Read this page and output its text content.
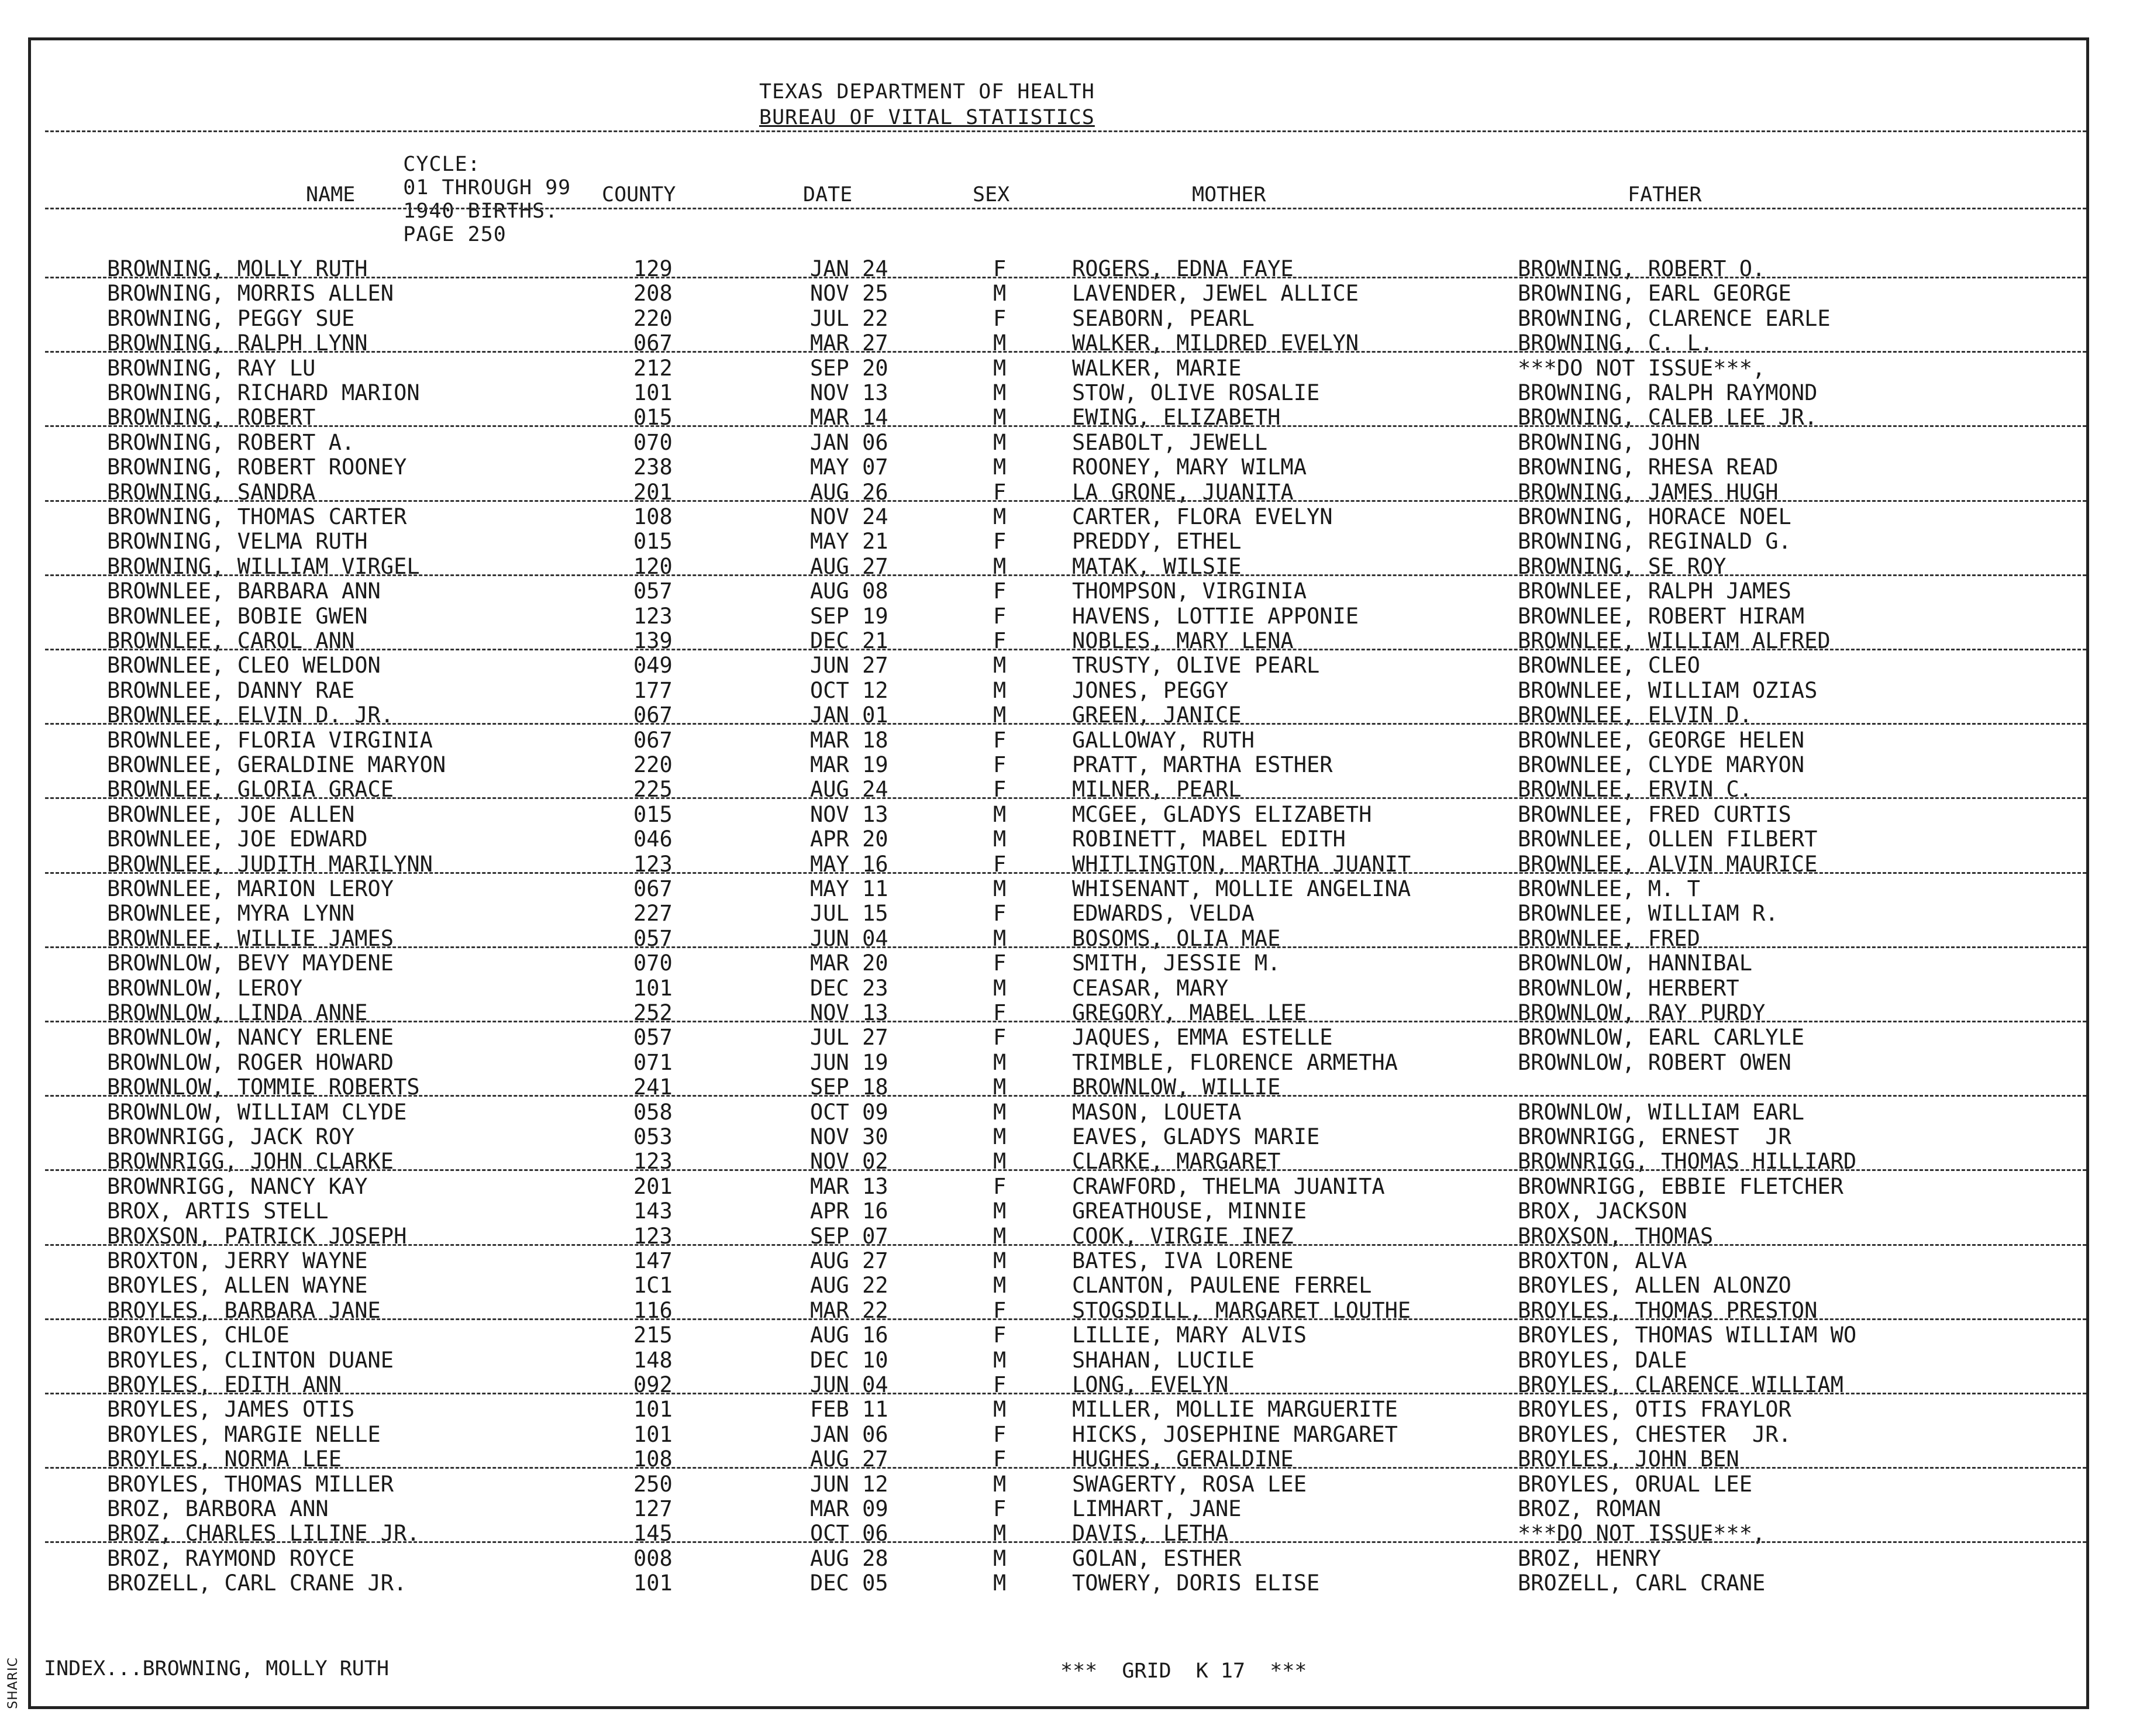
TEXAS DEPARTMENT OF HEALTH
BUREAU OF VITAL STATISTICS

CYCLE:
01 THROUGH 99
1940 BIRTHS.
PAGE 250

NAME	COUNTY	DATE	SEX	MOTHER	FATHER
BROWNING, MOLLY RUTH	129	JAN 24	F	ROGERS, EDNA FAYE	BROWNING, ROBERT O.
BROWNING, MORRIS ALLEN	208	NOV 25	M	LAVENDER, JEWEL ALLICE	BROWNING, EARL GEORGE
BROWNING, PEGGY SUE	220	JUL 22	F	SEABORN, PEARL	BROWNING, CLARENCE EARLE
BROWNING, RALPH LYNN	067	MAR 27	M	WALKER, MILDRED EVELYN	BROWNING, C. L.
BROWNING, RAY LU	212	SEP 20	M	WALKER, MARIE	***DO NOT ISSUE***,
BROWNING, RICHARD MARION	101	NOV 13	M	STOW, OLIVE ROSALIE	BROWNING, RALPH RAYMOND
BROWNING, ROBERT	015	MAR 14	M	EWING, ELIZABETH	BROWNING, CALEB LEE JR.
BROWNING, ROBERT A.	070	JAN 06	M	SEABOLT, JEWELL	BROWNING, JOHN
BROWNING, ROBERT ROONEY	238	MAY 07	M	ROONEY, MARY WILMA	BROWNING, RHESA READ
BROWNING, SANDRA	201	AUG 26	F	LA GRONE, JUANITA	BROWNING, JAMES HUGH
BROWNING, THOMAS CARTER	108	NOV 24	M	CARTER, FLORA EVELYN	BROWNING, HORACE NOEL
BROWNING, VELMA RUTH	015	MAY 21	F	PREDDY, ETHEL	BROWNING, REGINALD G.
BROWNING, WILLIAM VIRGEL	120	AUG 27	M	MATAK, WILSIE	BROWNING, SE ROY
BROWNLEE, BARBARA ANN	057	AUG 08	F	THOMPSON, VIRGINIA	BROWNLEE, RALPH JAMES
BROWNLEE, BOBIE GWEN	123	SEP 19	F	HAVENS, LOTTIE APPONIE	BROWNLEE, ROBERT HIRAM
BROWNLEE, CAROL ANN	139	DEC 21	F	NOBLES, MARY LENA	BROWNLEE, WILLIAM ALFRED
BROWNLEE, CLEO WELDON	049	JUN 27	M	TRUSTY, OLIVE PEARL	BROWNLEE, CLEO
BROWNLEE, DANNY RAE	177	OCT 12	M	JONES, PEGGY	BROWNLEE, WILLIAM OZIAS
BROWNLEE, ELVIN D. JR.	067	JAN 01	M	GREEN, JANICE	BROWNLEE, ELVIN D.
BROWNLEE, FLORIA VIRGINIA	067	MAR 18	F	GALLOWAY, RUTH	BROWNLEE, GEORGE HELEN
BROWNLEE, GERALDINE MARYON	220	MAR 19	F	PRATT, MARTHA ESTHER	BROWNLEE, CLYDE MARYON
BROWNLEE, GLORIA GRACE	225	AUG 24	F	MILNER, PEARL	BROWNLEE, ERVIN C.
BROWNLEE, JOE ALLEN	015	NOV 13	M	MCGEE, GLADYS ELIZABETH	BROWNLEE, FRED CURTIS
BROWNLEE, JOE EDWARD	046	APR 20	M	ROBINETT, MABEL EDITH	BROWNLEE, OLLEN FILBERT
BROWNLEE, JUDITH MARILYNN	123	MAY 16	F	WHITLINGTON, MARTHA JUANIT	BROWNLEE, ALVIN MAURICE
BROWNLEE, MARION LEROY	067	MAY 11	M	WHISENANT, MOLLIE ANGELINA	BROWNLEE, M. T
BROWNLEE, MYRA LYNN	227	JUL 15	F	EDWARDS, VELDA	BROWNLEE, WILLIAM R.
BROWNLEE, WILLIE JAMES	057	JUN 04	M	BOSOMS, OLIA MAE	BROWNLEE, FRED
BROWNLOW, BEVY MAYDENE	070	MAR 20	F	SMITH, JESSIE M.	BROWNLOW, HANNIBAL
BROWNLOW, LEROY	101	DEC 23	M	CEASAR, MARY	BROWNLOW, HERBERT
BROWNLOW, LINDA ANNE	252	NOV 13	F	GREGORY, MABEL LEE	BROWNLOW, RAY PURDY
BROWNLOW, NANCY ERLENE	057	JUL 27	F	JAQUES, EMMA ESTELLE	BROWNLOW, EARL CARLYLE
BROWNLOW, ROGER HOWARD	071	JUN 19	M	TRIMBLE, FLORENCE ARMETHA	BROWNLOW, ROBERT OWEN
BROWNLOW, TOMMIE ROBERTS	241	SEP 18	M	BROWNLOW, WILLIE
BROWNLOW, WILLIAM CLYDE	058	OCT 09	M	MASON, LOUETA	BROWNLOW, WILLIAM EARL
BROWNRIGG, JACK ROY	053	NOV 30	M	EAVES, GLADYS MARIE	BROWNRIGG, ERNEST  JR
BROWNRIGG, JOHN CLARKE	123	NOV 02	M	CLARKE, MARGARET	BROWNRIGG, THOMAS HILLIARD
BROWNRIGG, NANCY KAY	201	MAR 13	F	CRAWFORD, THELMA JUANITA	BROWNRIGG, EBBIE FLETCHER
BROX, ARTIS STELL	143	APR 16	M	GREATHOUSE, MINNIE	BROX, JACKSON
BROXSON, PATRICK JOSEPH	123	SEP 07	M	COOK, VIRGIE INEZ	BROXSON, THOMAS
BROXTON, JERRY WAYNE	147	AUG 27	M	BATES, IVA LORENE	BROXTON, ALVA
BROYLES, ALLEN WAYNE	1C1	AUG 22	M	CLANTON, PAULENE FERREL	BROYLES, ALLEN ALONZO
BROYLES, BARBARA JANE	116	MAR 22	F	STOGSDILL, MARGARET LOUTHE	BROYLES, THOMAS PRESTON
BROYLES, CHLOE	215	AUG 16	F	LILLIE, MARY ALVIS	BROYLES, THOMAS WILLIAM WO
BROYLES, CLINTON DUANE	148	DEC 10	M	SHAHAN, LUCILE	BROYLES, DALE
BROYLES, EDITH ANN	092	JUN 04	F	LONG, EVELYN	BROYLES, CLARENCE WILLIAM
BROYLES, JAMES OTIS	101	FEB 11	M	MILLER, MOLLIE MARGUERITE	BROYLES, OTIS FRAYLOR
BROYLES, MARGIE NELLE	101	JAN 06	F	HICKS, JOSEPHINE MARGARET	BROYLES, CHESTER  JR.
BROYLES, NORMA LEE	108	AUG 27	F	HUGHES, GERALDINE	BROYLES, JOHN BEN
BROYLES, THOMAS MILLER	250	JUN 12	M	SWAGERTY, ROSA LEE	BROYLES, ORUAL LEE
BROZ, BARBORA ANN	127	MAR 09	F	LIMHART, JANE	BROZ, ROMAN
BROZ, CHARLES LILINE JR.	145	OCT 06	M	DAVIS, LETHA	***DO NOT ISSUE***,
BROZ, RAYMOND ROYCE	008	AUG 28	M	GOLAN, ESTHER	BROZ, HENRY
BROZELL, CARL CRANE JR.	101	DEC 05	M	TOWERY, DORIS ELISE	BROZELL, CARL CRANE
INDEX...BROWNING, MOLLY RUTH	***  GRID  K 17  ***
SHARIC
